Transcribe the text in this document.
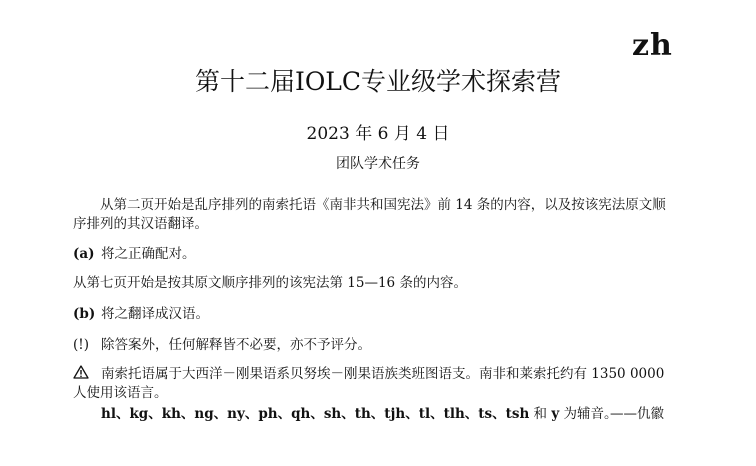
zh
第十二届IOLC专业级学术探索营
2023 年 6 月 4 日
团队学术任务
从第二页开始是乱序排列的南索托语《南非共和国宪法》前 14 条的内容，以及按该宪法原文顺序排列的其汉语翻译。
(a) 将之正确配对。
从第七页开始是按其原文顺序排列的该宪法第 15—16 条的内容。
(b) 将之翻译成汉语。
(!) 除答案外，任何解释皆不必要，亦不予评分。
南索托语属于大西洋－刚果语系贝努埃－刚果语族类班图语支。南非和莱索托约有 1350 0000 人使用该语言。
hl、kg、kh、ng、ny、ph、qh、sh、th、tjh、tl、tlh、ts、tsh 和 y 为辅音。
——仇徽
